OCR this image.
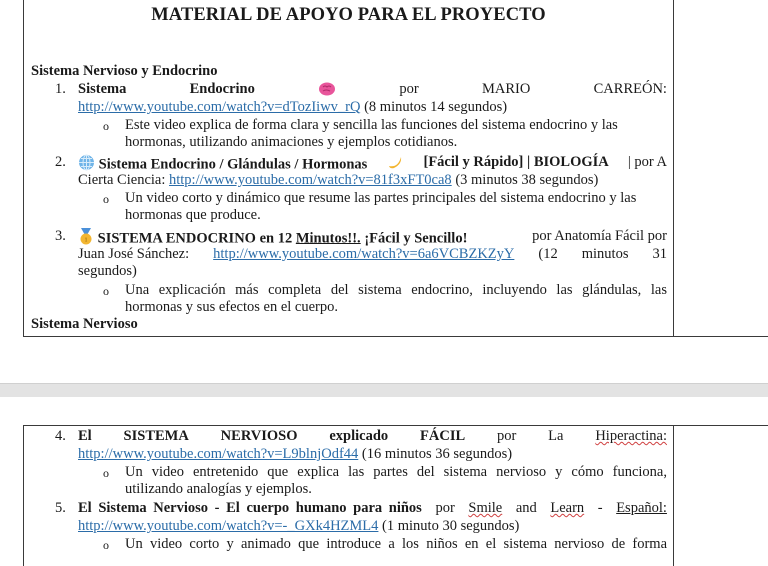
MATERIAL DE APOYO PARA EL PROYECTO
Sistema Nervioso y Endocrino
1. Sistema	Endocrino	por	MARIO	CARREÓN:
http://www.youtube.com/watch?v=dTozIiwv_rQ (8 minutos 14 segundos)
o Este video explica de forma clara y sencilla las funciones del sistema endocrino y las
hormonas, utilizando animaciones y ejemplos cotidianos.
2.	Sistema Endocrino / Glándulas / Hormonas	[Fácil y Rápido] | BIOLOGÍA | por A
Cierta Ciencia: http://www.youtube.com/watch?v=81f3xFT0ca8 (3 minutos 38 segundos)
o Un video corto y dinámico que resume las partes principales del sistema endocrino y las
hormonas que produce.
3.	1 SISTEMA ENDOCRINO en 12 Minutos!!. ¡Fácil y Sencillo!	por Anatomía Fácil por
Juan José Sánchez: http://www.youtube.com/watch?v=6a6VCBZKZyY (12 minutos 31
segundos)
o Una explicación más completa del sistema endocrino, incluyendo las glándulas, las
hormonas y sus efectos en el cuerpo.
Sistema Nervioso
4. El SISTEMA NERVIOSO explicado FÁCIL por La Hiperactina:
http://www.youtube.com/watch?v=L9blnjOdf44 (16 minutos 36 segundos)
o Un video entretenido que explica las partes del sistema nervioso y cómo funciona,
utilizando analogías y ejemplos.
5. El Sistema Nervioso - El cuerpo humano para niños por Smile and Learn - Español:
http://www.youtube.com/watch?v=-_GXk4HZML4 (1 minuto 30 segundos)
o Un video corto y animado que introduce a los niños en el sistema nervioso de forma
